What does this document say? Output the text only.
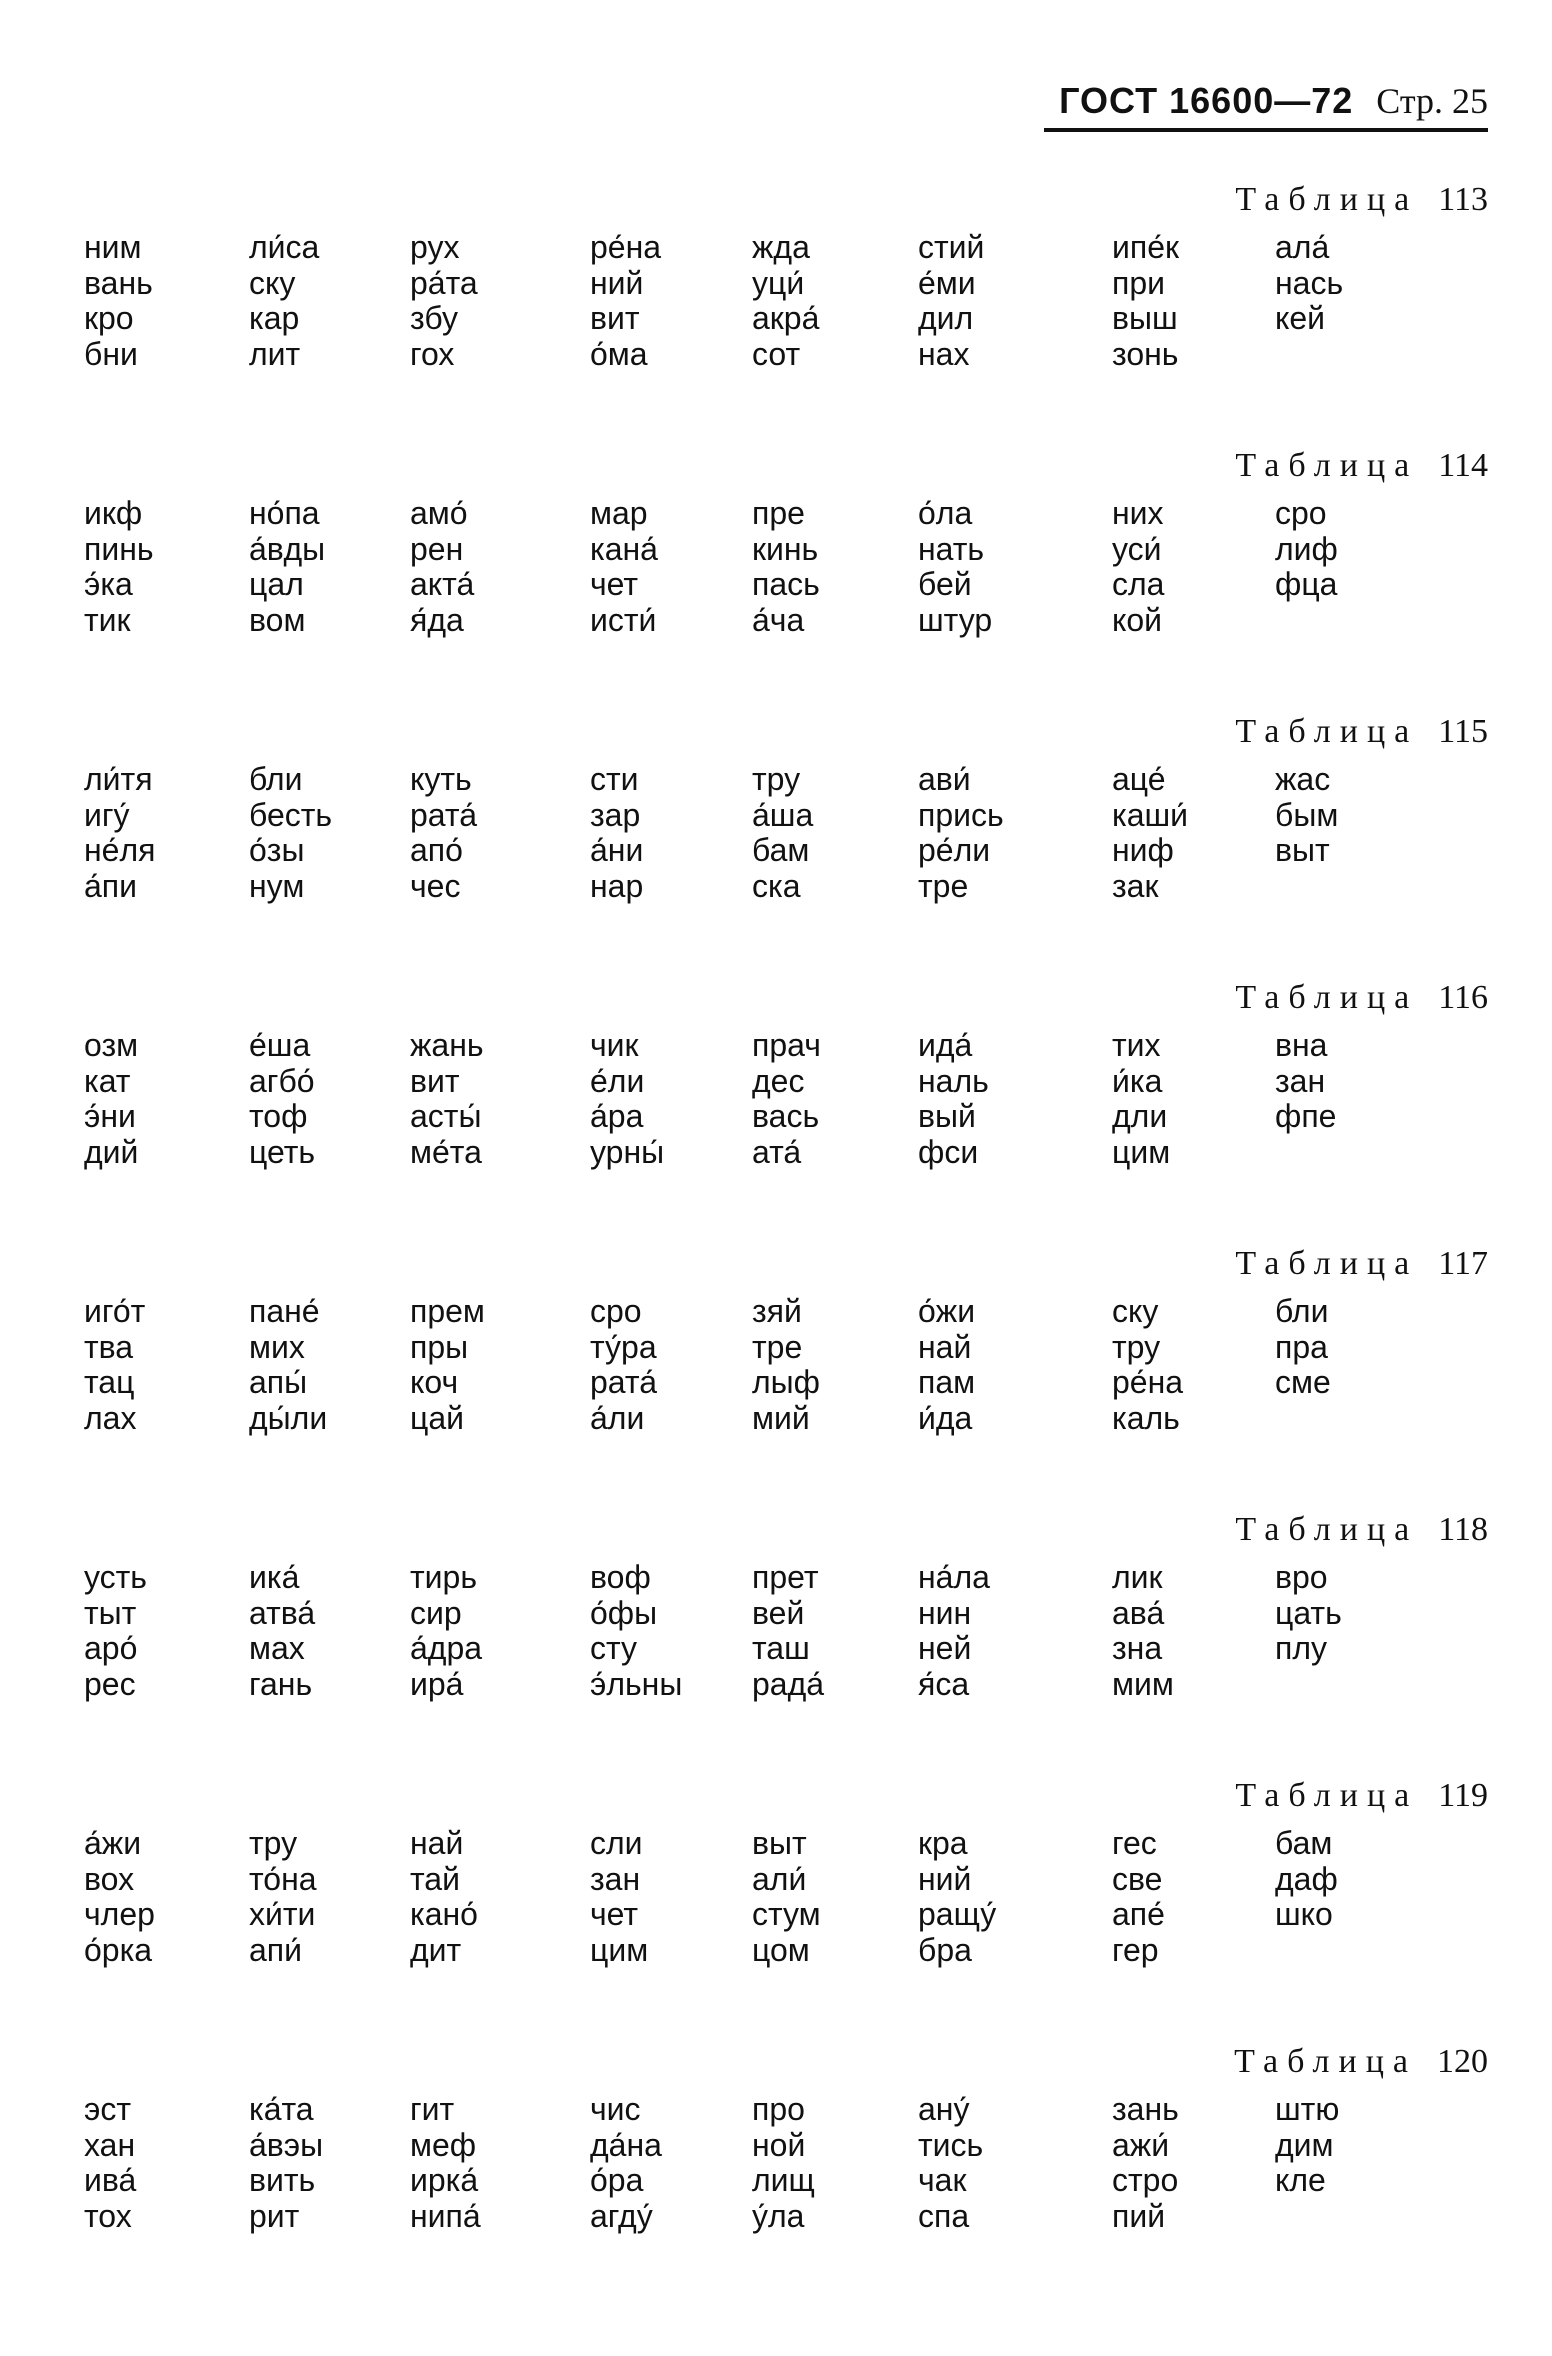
ГОСТ 16600—72 Стр. 25
Таблица 113
ним
вань
кро
бни
ли́са
ску
кар
лит
рух
ра́та
збу
гох
ре́на
ний
вит
о́ма
жда
уци́
акра́
сот
стий
е́ми
дил
нах
ипе́к
при
выш
зонь
ала́
нась
кей
Таблица 114
икф
пинь
э́ка
тик
но́па
а́вды
цал
вом
амо́
рен
акта́
я́да
мар
кана́
чет
исти́
пре
кинь
пась
а́ча
о́ла
нать
бей
штур
них
уси́
сла
кой
сро
лиф
фца
Таблица 115
ли́тя
игу́
не́ля
а́пи
бли
бесть
о́зы
нум
куть
рата́
апо́
чес
сти
зар
а́ни
нар
тру
а́ша
бам
ска
ави́
прись
ре́ли
тре
аце́
каши́
ниф
зак
жас
бым
выт
Таблица 116
озм
кат
э́ни
дий
е́ша
агбо́
тоф
цеть
жань
вит
асты́
ме́та
чик
е́ли
а́ра
урны́
прач
дес
вась
ата́
ида́
наль
вый
фси
тих
и́ка
дли
цим
вна
зан
фпе
Таблица 117
иго́т
тва
тац
лах
пане́
мих
апы́
ды́ли
прем
пры
коч
цай
сро
ту́ра
рата́
а́ли
зяй
тре
лыф
мий
о́жи
най
пам
и́да
ску
тру
ре́на
каль
бли
пра
сме
Таблица 118
усть
тыт
аро́
рес
ика́
атва́
мах
гань
тирь
сир
а́дра
ира́
воф
о́фы
сту
э́льны
прет
вей
таш
рада́
на́ла
нин
ней
я́са
лик
ава́
зна
мим
вро
цать
плу
Таблица 119
а́жи
вох
члер
о́рка
тру
то́на
хи́ти
апи́
най
тай
кано́
дит
сли
зан
чет
цим
выт
али́
стум
цом
кра
ний
ращу́
бра
гес
све
апе́
гер
бам
даф
шко
Таблица 120
эст
хан
ива́
тох
ка́та
а́вэы
вить
рит
гит
меф
ирка́
нипа́
чис
да́на
о́ра
агду́
про
ной
лищ
у́ла
ану́
тись
чак
спа
зань
ажи́
стро
пий
штю
дим
кле
